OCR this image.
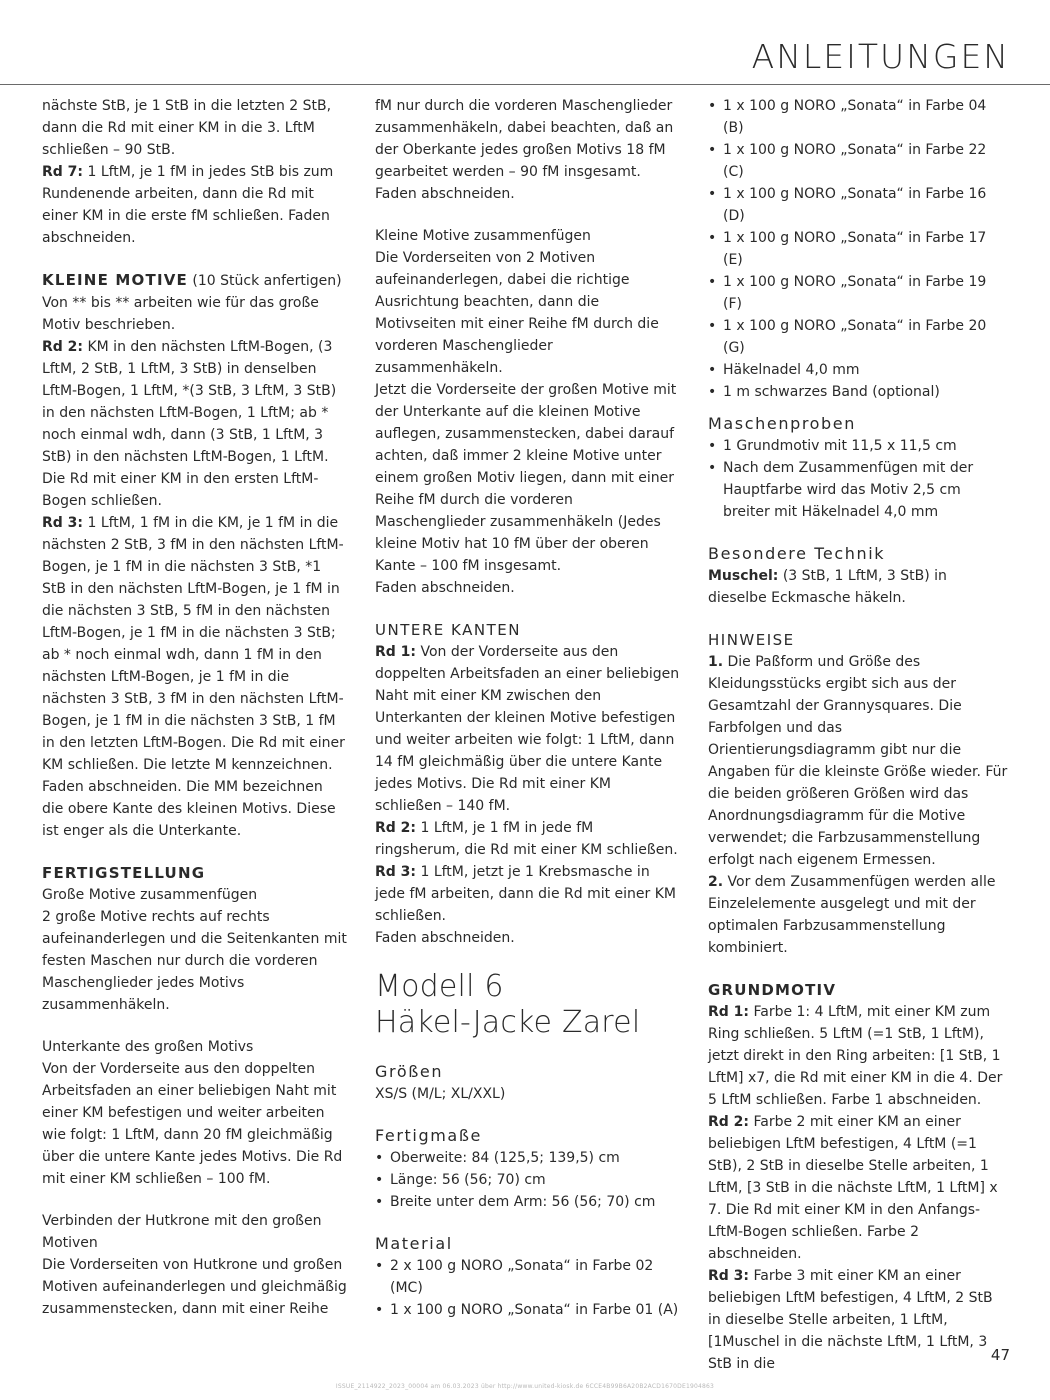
ANLEITUNGEN

nächste StB, je 1 StB in die letzten 2 StB, dann die Rd mit einer KM in die 3. LftM schließen – 90 StB.

Rd 7: 1 LftM, je 1 fM in jedes StB bis zum Rundenende arbeiten, dann die Rd mit einer KM in die erste fM schließen. Faden abschneiden.

KLEINE MOTIVE (10 Stück anfertigen)

Von ** bis ** arbeiten wie für das große Motiv beschrieben.

Rd 2: KM in den nächsten LftM-Bogen, (3 LftM, 2 StB, 1 LftM, 3 StB) in denselben LftM-Bogen, 1 LftM, *(3 StB, 3 LftM, 3 StB) in den nächsten LftM-Bogen, 1 LftM; ab * noch einmal wdh, dann (3 StB, 1 LftM, 3 StB) in den nächsten LftM-Bogen, 1 LftM. Die Rd mit einer KM in den ersten LftM-Bogen schließen.

Rd 3: 1 LftM, 1 fM in die KM, je 1 fM in die nächsten 2 StB, 3 fM in den nächsten LftM-Bogen, je 1 fM in die nächsten 3 StB, *1 StB in den nächsten LftM-Bogen, je 1 fM in die nächsten 3 StB, 5 fM in den nächsten LftM-Bogen, je 1 fM in die nächsten 3 StB; ab * noch einmal wdh, dann 1 fM in den nächsten LftM-Bogen, je 1 fM in die nächsten 3 StB, 3 fM in den nächsten LftM-Bogen, je 1 fM in die nächsten 3 StB, 1 fM in den letzten LftM-Bogen. Die Rd mit einer KM schließen. Die letzte M kennzeichnen. Faden abschneiden. Die MM bezeichnen die obere Kante des kleinen Motivs. Diese ist enger als die Unterkante.

FERTIGSTELLUNG

Große Motive zusammenfügen

2 große Motive rechts auf rechts aufeinanderlegen und die Seitenkanten mit festen Maschen nur durch die vorderen Maschenglieder jedes Motivs zusammenhäkeln.

Unterkante des großen Motivs

Von der Vorderseite aus den doppelten Arbeitsfaden an einer beliebigen Naht mit einer KM befestigen und weiter arbeiten wie folgt: 1 LftM, dann 20 fM gleichmäßig über die untere Kante jedes Motivs. Die Rd mit einer KM schließen – 100 fM.

Verbinden der Hutkrone mit den großen Motiven

Die Vorderseiten von Hutkrone und großen Motiven aufeinanderlegen und gleichmäßig zusammenstecken, dann mit einer Reihe

fM nur durch die vorderen Maschenglieder zusammenhäkeln, dabei beachten, daß an der Oberkante jedes großen Motivs 18 fM gearbeitet werden – 90 fM insgesamt. Faden abschneiden.

Kleine Motive zusammenfügen

Die Vorderseiten von 2 Motiven aufeinanderlegen, dabei die richtige Ausrichtung beachten, dann die Motivseiten mit einer Reihe fM durch die vorderen Maschenglieder zusammenhäkeln.

Jetzt die Vorderseite der großen Motive mit der Unterkante auf die kleinen Motive auflegen, zusammenstecken, dabei darauf achten, daß immer 2 kleine Motive unter einem großen Motiv liegen, dann mit einer Reihe fM durch die vorderen Maschenglieder zusammenhäkeln (Jedes kleine Motiv hat 10 fM über der oberen Kante – 100 fM insgesamt.

Faden abschneiden.

UNTERE KANTEN

Rd 1: Von der Vorderseite aus den doppelten Arbeitsfaden an einer beliebigen Naht mit einer KM zwischen den Unterkanten der kleinen Motive befestigen und weiter arbeiten wie folgt: 1 LftM, dann 14 fM gleichmäßig über die untere Kante jedes Motivs. Die Rd mit einer KM schließen – 140 fM.

Rd 2: 1 LftM, je 1 fM in jede fM ringsherum, die Rd mit einer KM schließen.

Rd 3: 1 LftM, jetzt je 1 Krebsmasche in jede fM arbeiten, dann die Rd mit einer KM schließen.

Faden abschneiden.

Modell 6

Häkel-Jacke Zarel

Größen

XS/S (M/L; XL/XXL)

Fertigmaße

• Oberweite: 84 (125,5; 139,5) cm

• Länge: 56 (56; 70) cm

• Breite unter dem Arm: 56 (56; 70) cm

Material

• 2 x 100 g NORO „Sonata“ in Farbe 02 (MC)

• 1 x 100 g NORO „Sonata“ in Farbe 01 (A)

• 1 x 100 g NORO „Sonata“ in Farbe 04 (B)

• 1 x 100 g NORO „Sonata“ in Farbe 22 (C)

• 1 x 100 g NORO „Sonata“ in Farbe 16 (D)

• 1 x 100 g NORO „Sonata“ in Farbe 17 (E)

• 1 x 100 g NORO „Sonata“ in Farbe 19 (F)

• 1 x 100 g NORO „Sonata“ in Farbe 20 (G)

• Häkelnadel 4,0 mm

• 1 m schwarzes Band (optional)

Maschenproben

• 1 Grundmotiv mit 11,5 x 11,5 cm

• Nach dem Zusammenfügen mit der Hauptfarbe wird das Motiv 2,5 cm breiter mit Häkelnadel 4,0 mm

Besondere Technik

Muschel: (3 StB, 1 LftM, 3 StB) in dieselbe Eckmasche häkeln.

HINWEISE

1. Die Paßform und Größe des Kleidungsstücks ergibt sich aus der Gesamtzahl der Grannysquares. Die Farbfolgen und das Orientierungsdiagramm gibt nur die Angaben für die kleinste Größe wieder. Für die beiden größeren Größen wird das Anordnungsdiagramm für die Motive verwendet; die Farbzusammenstellung erfolgt nach eigenem Ermessen.

2. Vor dem Zusammenfügen werden alle Einzelelemente ausgelegt und mit der optimalen Farbzusammenstellung kombiniert.

GRUNDMOTIV

Rd 1: Farbe 1: 4 LftM, mit einer KM zum Ring schließen. 5 LftM (=1 StB, 1 LftM), jetzt direkt in den Ring arbeiten: [1 StB, 1 LftM] x7, die Rd mit einer KM in die 4. Der 5 LftM schließen. Farbe 1 abschneiden.

Rd 2: Farbe 2 mit einer KM an einer beliebigen LftM befestigen, 4 LftM (=1 StB), 2 StB in dieselbe Stelle arbeiten, 1 LftM, [3 StB in die nächste LftM, 1 LftM] x 7. Die Rd mit einer KM in den Anfangs-LftM-Bogen schließen. Farbe 2 abschneiden.

Rd 3: Farbe 3 mit einer KM an einer beliebigen LftM befestigen, 4 LftM, 2 StB in dieselbe Stelle arbeiten, 1 LftM, [1Muschel in die nächste LftM, 1 LftM, 3 StB in die	47
ISSUE_2114922_2023_00004 am 06.03.2023 über http://www.united-kiosk.de 6CCE4B99B6A20B2ACD1670DE1904863
